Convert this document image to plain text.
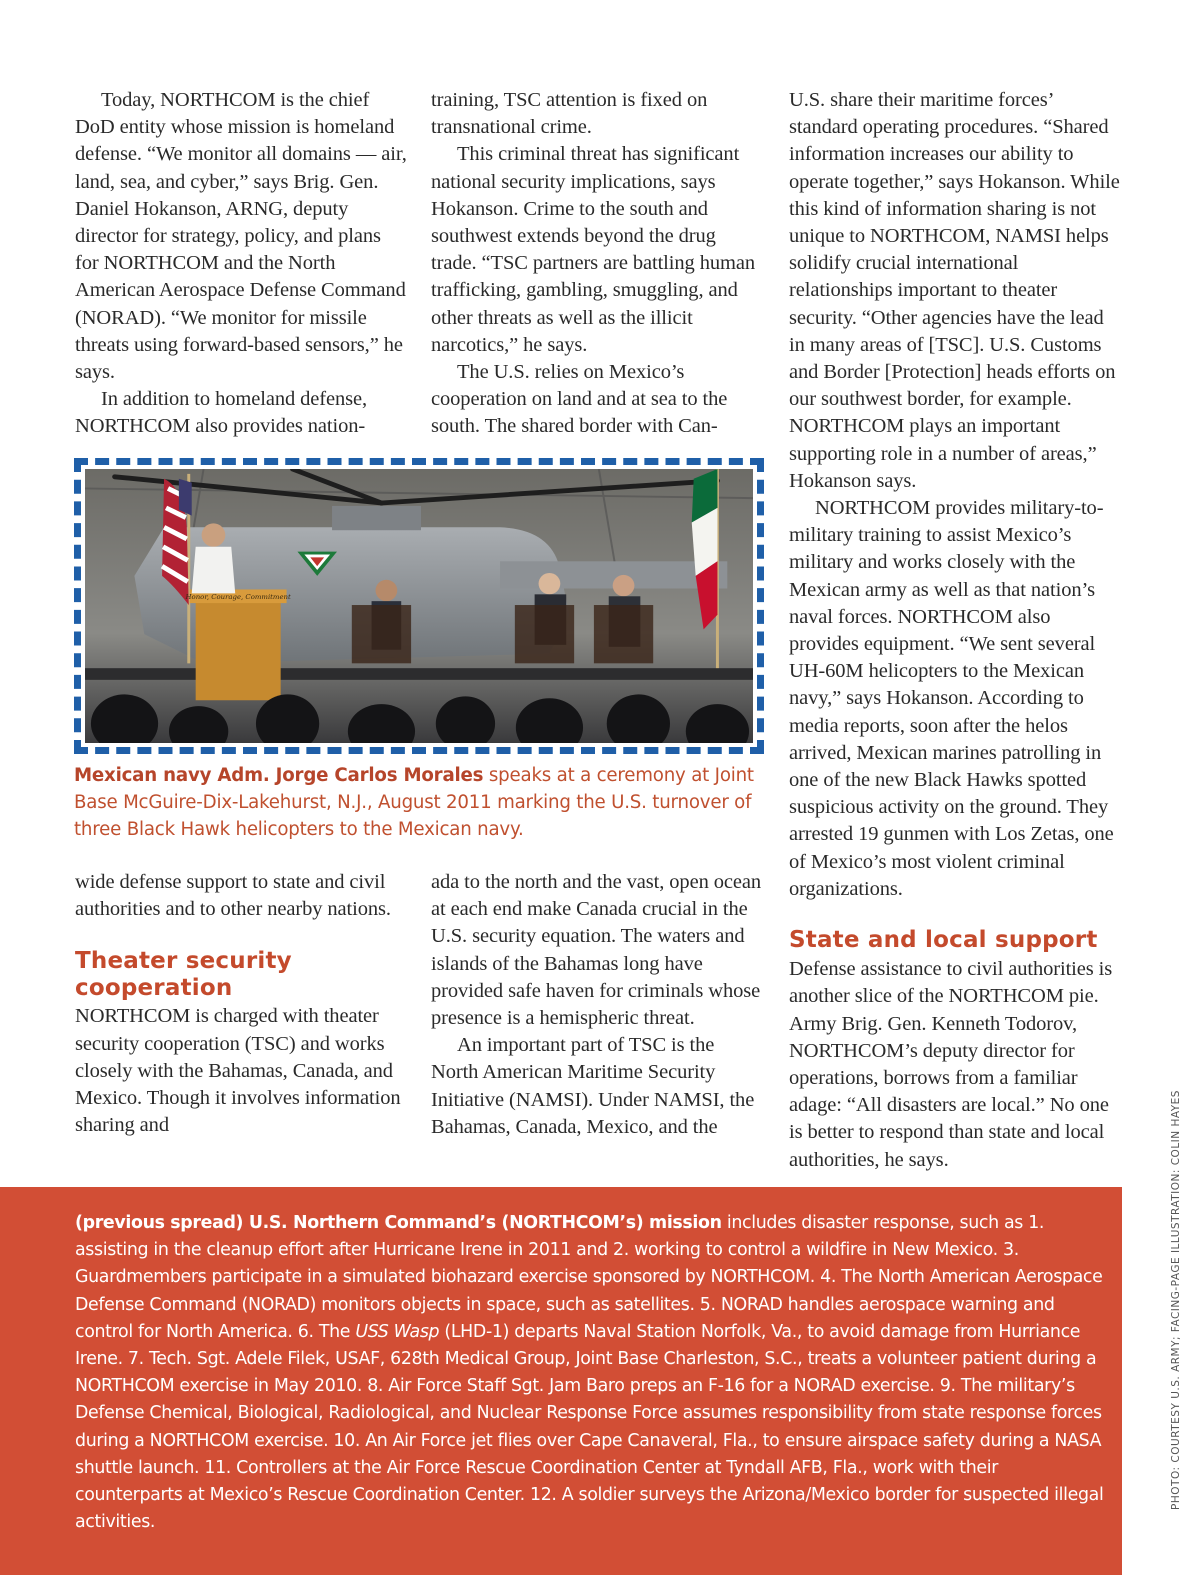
Today, NORTHCOM is the chief DoD entity whose mission is homeland defense. “We monitor all domains — air, land, sea, and cyber,” says Brig. Gen. Daniel Hokanson, ARNG, deputy director for strategy, policy, and plans for NORTHCOM and the North American Aerospace Defense Command (NORAD). “We monitor for missile threats using forward-based sensors,” he says.

In addition to homeland defense, NORTHCOM also provides nation-

training, TSC attention is fixed on transnational crime.

This criminal threat has significant national security implications, says Hokanson. Crime to the south and southwest extends beyond the drug trade. “TSC partners are battling human trafficking, gambling, smuggling, and other threats as well as the illicit narcotics,” he says.

The U.S. relies on Mexico’s cooperation on land and at sea to the south. The shared border with Can-

U.S. share their maritime forces’ standard operating procedures. “Shared information increases our ability to operate together,” says Hokanson. While this kind of information sharing is not unique to NORTHCOM, NAMSI helps solidify crucial international relationships important to theater security. “Other agencies have the lead in many areas of [TSC]. U.S. Customs and Border [Protection] heads efforts on our southwest border, for example. NORTHCOM plays an important supporting role in a number of areas,” Hokanson says.

NORTHCOM provides military-to-military training to assist Mexico’s military and works closely with the Mexican army as well as that nation’s naval forces. NORTHCOM also provides equipment. “We sent several UH-60M helicopters to the Mexican navy,” says Hokanson. According to media reports, soon after the helos arrived, Mexican marines patrolling in one of the new Black Hawks spotted suspicious activity on the ground. They arrested 19 gunmen with Los Zetas, one of Mexico’s most violent criminal organizations.

State and local support

Defense assistance to civil authorities is another slice of the NORTHCOM pie. Army Brig. Gen. Kenneth Todorov, NORTHCOM’s deputy director for operations, borrows from a familiar adage: “All disasters are local.” No one is better to respond than state and local authorities, he says.

Honor, Courage, Commitment
Mexican navy Adm. Jorge Carlos Morales speaks at a ceremony at Joint Base McGuire-Dix-Lakehurst, N.J., August 2011 marking the U.S. turnover of three Black Hawk helicopters to the Mexican navy.

wide defense support to state and civil authorities and to other nearby nations.

Theater security cooperation

NORTHCOM is charged with theater security cooperation (TSC) and works closely with the Bahamas, Canada, and Mexico. Though it involves information sharing and

ada to the north and the vast, open ocean at each end make Canada crucial in the U.S. security equation. The waters and islands of the Bahamas long have provided safe haven for criminals whose presence is a hemispheric threat.

An important part of TSC is the North American Maritime Security Initiative (NAMSI). Under NAMSI, the Bahamas, Canada, Mexico, and the

(previous spread) U.S. Northern Command’s (NORTHCOM’s) mission includes disaster response, such as 1. assisting in the cleanup effort after Hurricane Irene in 2011 and 2. working to control a wildfire in New Mexico. 3. Guardmembers participate in a simulated biohazard exercise sponsored by NORTHCOM. 4. The North American Aerospace Defense Command (NORAD) monitors objects in space, such as satellites. 5. NORAD handles aerospace warning and control for North America. 6. The USS Wasp (LHD-1) departs Naval Station Norfolk, Va., to avoid damage from Hurriance Irene. 7. Tech. Sgt. Adele Filek, USAF, 628th Medical Group, Joint Base Charleston, S.C., treats a volunteer patient during a NORTHCOM exercise in May 2010. 8. Air Force Staff Sgt. Jam Baro preps an F-16 for a NORAD exercise. 9. The military’s Defense Chemical, Biological, Radiological, and Nuclear Response Force assumes responsibility from state response forces during a NORTHCOM exercise. 10. An Air Force jet flies over Cape Canaveral, Fla., to ensure airspace safety during a NASA shuttle launch. 11. Controllers at the Air Force Rescue Coordination Center at Tyndall AFB, Fla., work with their counterparts at Mexico’s Rescue Coordination Center. 12. A soldier surveys the Arizona/Mexico border for suspected illegal activities.
PHOTO: COURTESY U.S. ARMY; FACING-PAGE ILLUSTRATION: COLIN HAYES
